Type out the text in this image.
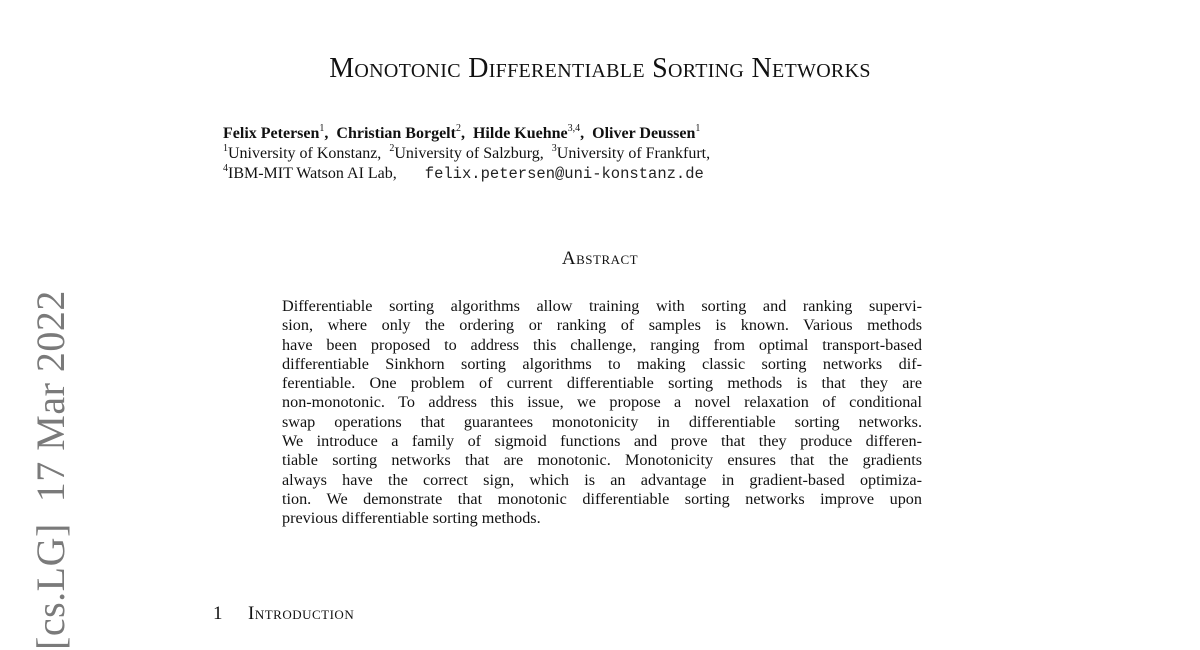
Monotonic Differentiable Sorting Networks
Felix Petersen$^1$, Christian Borgelt$^2$, Hilde Kuehne$^{3,4}$, Oliver Deussen$^1$
$^1$University of Konstanz,  $^2$University of Salzburg,  $^3$University of Frankfurt,
$^4$IBM-MIT Watson AI Lab, felix.petersen@uni-konstanz.de
Abstract
Differentiable sorting algorithms allow training with sorting and ranking supervi-
sion, where only the ordering or ranking of samples is known. Various methods
have been proposed to address this challenge, ranging from optimal transport-based
differentiable Sinkhorn sorting algorithms to making classic sorting networks dif-
ferentiable. One problem of current differentiable sorting methods is that they are
non-monotonic. To address this issue, we propose a novel relaxation of conditional
swap operations that guarantees monotonicity in differentiable sorting networks.
We introduce a family of sigmoid functions and prove that they produce differen-
tiable sorting networks that are monotonic. Monotonicity ensures that the gradients
always have the correct sign, which is an advantage in gradient-based optimiza-
tion. We demonstrate that monotonic differentiable sorting networks improve upon
previous differentiable sorting methods.
1 Introduction
[cs.LG]  17 Mar 2022
